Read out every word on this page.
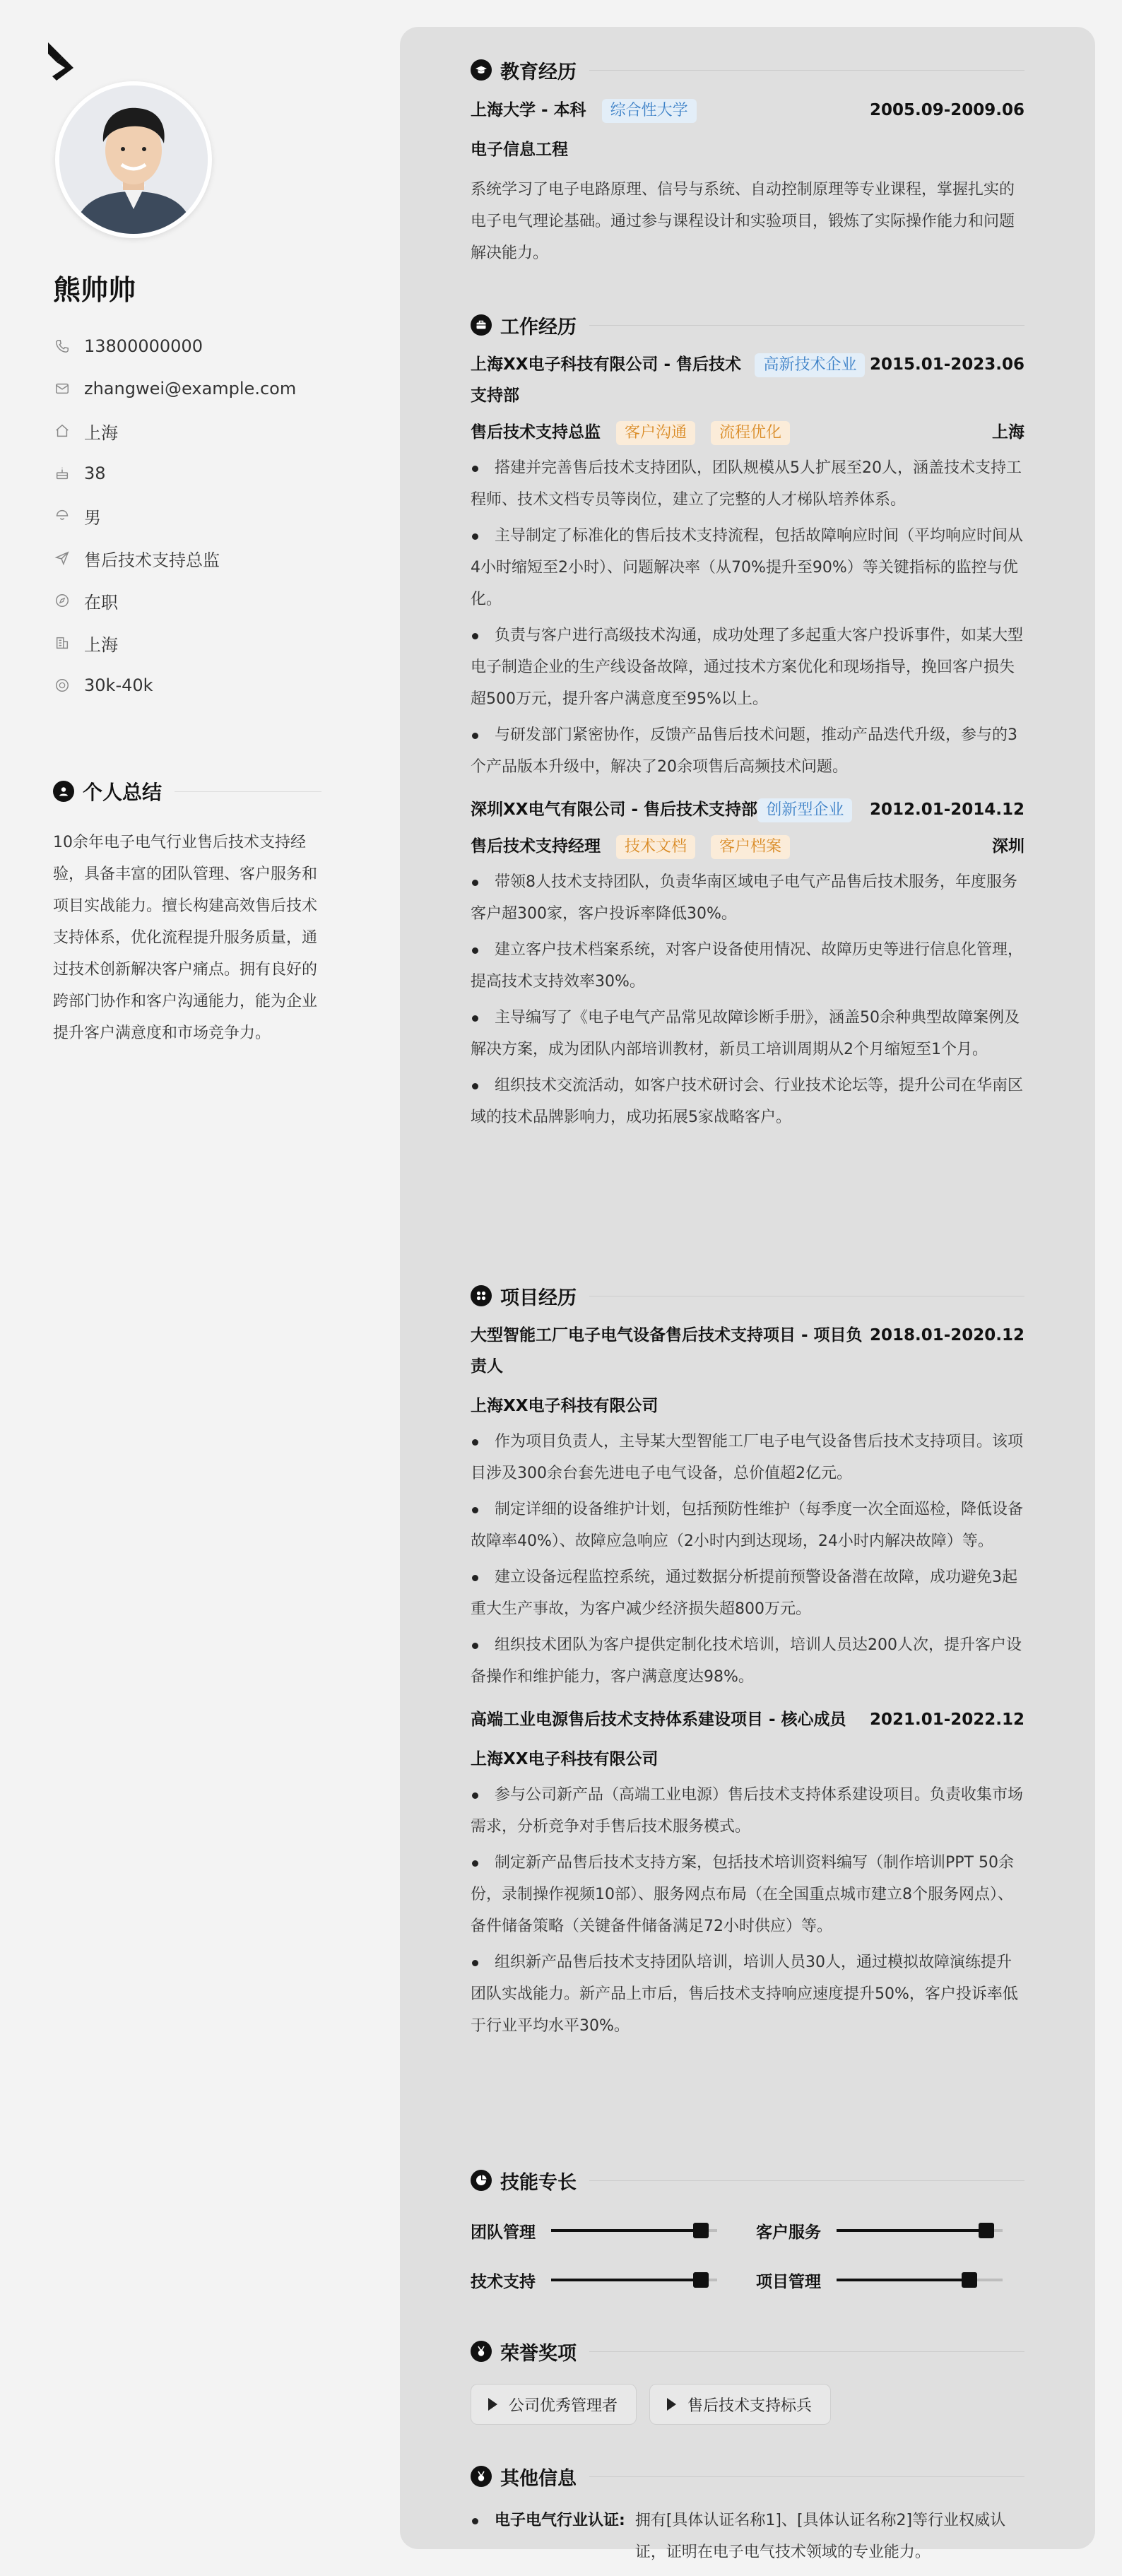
熊帅帅
13800000000
zhangwei@example.com
上海
38
男
售后技术支持总监
在职
上海
30k-40k
个人总结
10余年电子电气行业售后技术支持经验，具备丰富的团队管理、客户服务和项目实战能力。擅长构建高效售后技术支持体系，优化流程提升服务质量，通过技术创新解决客户痛点。拥有良好的跨部门协作和客户沟通能力，能为企业提升客户满意度和市场竞争力。
教育经历
上海大学 - 本科 综合性大学	2005.09-2009.06
电子信息工程
系统学习了电子电路原理、信号与系统、自动控制原理等专业课程，掌握扎实的电子电气理论基础。通过参与课程设计和实验项目，锻炼了实际操作能力和问题解决能力。
工作经历
上海XX电子科技有限公司 - 售后技术支持部
高新技术企业 2015.01-2023.06
售后技术支持总监 客户沟通 流程优化	上海
搭建并完善售后技术支持团队，团队规模从5人扩展至20人，涵盖技术支持工程师、技术文档专员等岗位，建立了完整的人才梯队培养体系。
主导制定了标准化的售后技术支持流程，包括故障响应时间（平均响应时间从4小时缩短至2小时）、问题解决率（从70%提升至90%）等关键指标的监控与优化。
负责与客户进行高级技术沟通，成功处理了多起重大客户投诉事件，如某大型电子制造企业的生产线设备故障，通过技术方案优化和现场指导，挽回客户损失超500万元，提升客户满意度至95%以上。
与研发部门紧密协作，反馈产品售后技术问题，推动产品迭代升级，参与的3个产品版本升级中，解决了20余项售后高频技术问题。
深圳XX电气有限公司 - 售后技术支持部 创新型企业	2012.01-2014.12
售后技术支持经理 技术文档 客户档案	深圳
带领8人技术支持团队，负责华南区域电子电气产品售后技术服务，年度服务客户超300家，客户投诉率降低30%。
建立客户技术档案系统，对客户设备使用情况、故障历史等进行信息化管理，提高技术支持效率30%。
主导编写了《电子电气产品常见故障诊断手册》，涵盖50余种典型故障案例及解决方案，成为团队内部培训教材，新员工培训周期从2个月缩短至1个月。
组织技术交流活动，如客户技术研讨会、行业技术论坛等，提升公司在华南区域的技术品牌影响力，成功拓展5家战略客户。
项目经历
大型智能工厂电子电气设备售后技术支持项目 - 项目负责人
2018.01-2020.12
上海XX电子科技有限公司
作为项目负责人，主导某大型智能工厂电子电气设备售后技术支持项目。该项目涉及300余台套先进电子电气设备，总价值超2亿元。
制定详细的设备维护计划，包括预防性维护（每季度一次全面巡检，降低设备故障率40%）、故障应急响应（2小时内到达现场，24小时内解决故障）等。
建立设备远程监控系统，通过数据分析提前预警设备潜在故障，成功避免3起重大生产事故，为客户减少经济损失超800万元。
组织技术团队为客户提供定制化技术培训，培训人员达200人次，提升客户设备操作和维护能力，客户满意度达98%。
高端工业电源售后技术支持体系建设项目 - 核心成员 2021.01-2022.12
上海XX电子科技有限公司
参与公司新产品（高端工业电源）售后技术支持体系建设项目。负责收集市场需求，分析竞争对手售后技术服务模式。
制定新产品售后技术支持方案，包括技术培训资料编写（制作培训PPT 50余份，录制操作视频10部）、服务网点布局（在全国重点城市建立8个服务网点）、备件储备策略（关键备件储备满足72小时供应）等。
组织新产品售后技术支持团队培训，培训人员30人，通过模拟故障演练提升团队实战能力。新产品上市后，售后技术支持响应速度提升50%，客户投诉率低于行业平均水平30%。
技能专长
团队管理	客户服务
技术支持	项目管理
荣誉奖项
公司优秀管理者	售后技术支持标兵
其他信息
电子电气行业认证: 拥有[具体认证名称1]、[具体认证名称2]等行业权威认证，证明在电子电气技术领域的专业能力。
